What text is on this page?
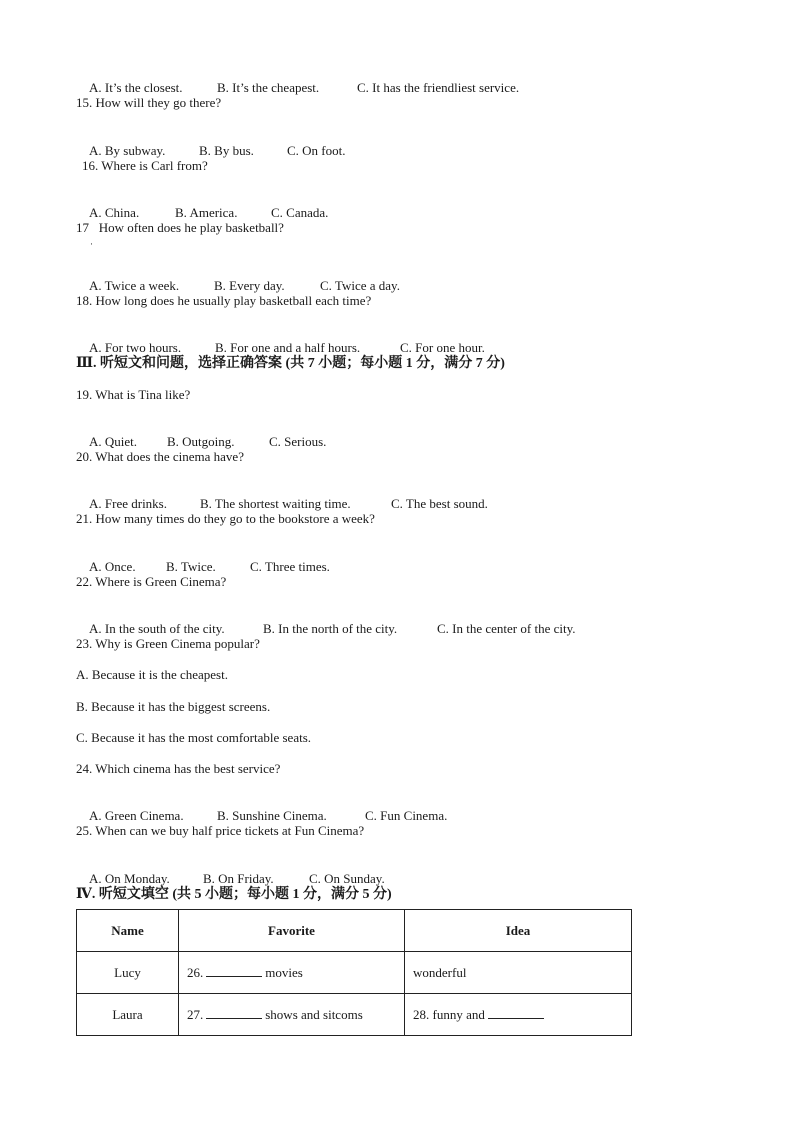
A. It’s the closest.	B. It’s the cheapest.	C. It has the friendliest service.

15. How will they go there?

A. By subway.	B. By bus.	C. On foot.

16. Where is Carl from?

A. China.	B. America.	C. Canada.

17   How often does he play basketball?
·

A. Twice a week.	B. Every day.	C. Twice a day.

18. How long does he usually play basketball each time?

A. For two hours.	B. For one and a half hours.	C. For one hour.

Ⅲ. 听短文和问题，选择正确答案 (共 7 小题；每小题 1 分，满分 7 分)
19. What is Tina like?

A. Quiet. B. Outgoing.	C. Serious.

20. What does the cinema have?

A. Free drinks.	B. The shortest waiting time.	C. The best sound.

21. How many times do they go to the bookstore a week?

A. Once. B. Twice.	C. Three times.

22. Where is Green Cinema?

A. In the south of the city.	B. In the north of the city.	C. In the center of the city.

23. Why is Green Cinema popular?
A. Because it is the cheapest.
B. Because it has the biggest screens.
C. Because it has the most comfortable seats.
24. Which cinema has the best service?

A. Green Cinema.	B. Sunshine Cinema.	C. Fun Cinema.

25. When can we buy half price tickets at Fun Cinema?

A. On Monday.	B. On Friday.	C. On Sunday.

Ⅳ. 听短文填空 (共 5 小题；每小题 1 分，满分 5 分)
Name	Favorite	Idea
Lucy	26. movies	wonderful
Laura	27. shows and sitcoms	28. funny and
